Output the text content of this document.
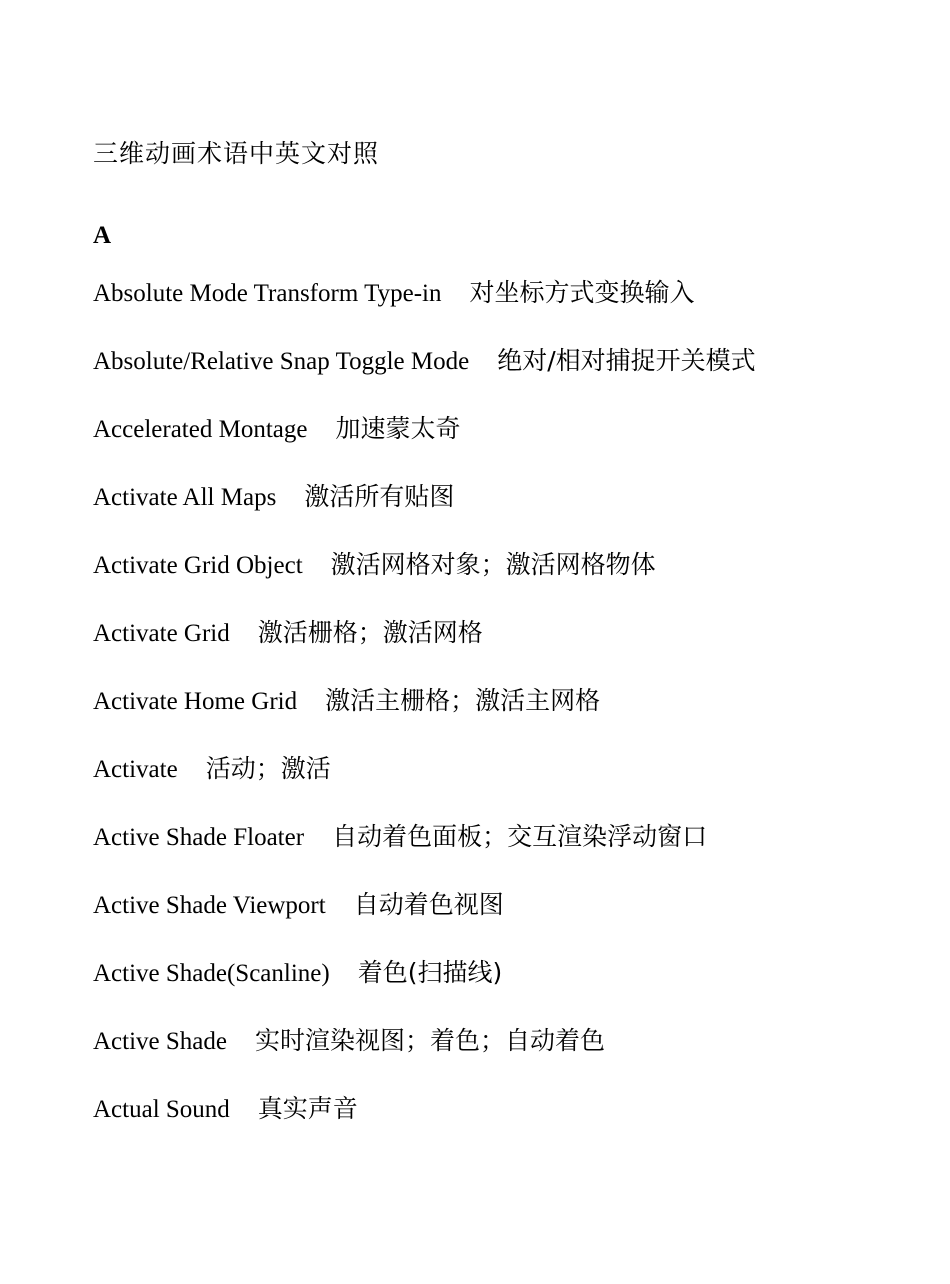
三维动画术语中英文对照
A
Absolute Mode Transform Type-in 对坐标方式变换输入
Absolute/Relative Snap Toggle Mode 绝对/相对捕捉开关模式
Accelerated Montage 加速蒙太奇
Activate All Maps 激活所有贴图
Activate Grid Object 激活网格对象；激活网格物体
Activate Grid 激活栅格；激活网格
Activate Home Grid 激活主栅格；激活主网格
Activate 活动；激活
Active Shade Floater 自动着色面板；交互渲染浮动窗口
Active Shade Viewport 自动着色视图
Active Shade(Scanline) 着色(扫描线)
Active Shade 实时渲染视图；着色；自动着色
Actual Sound 真实声音
